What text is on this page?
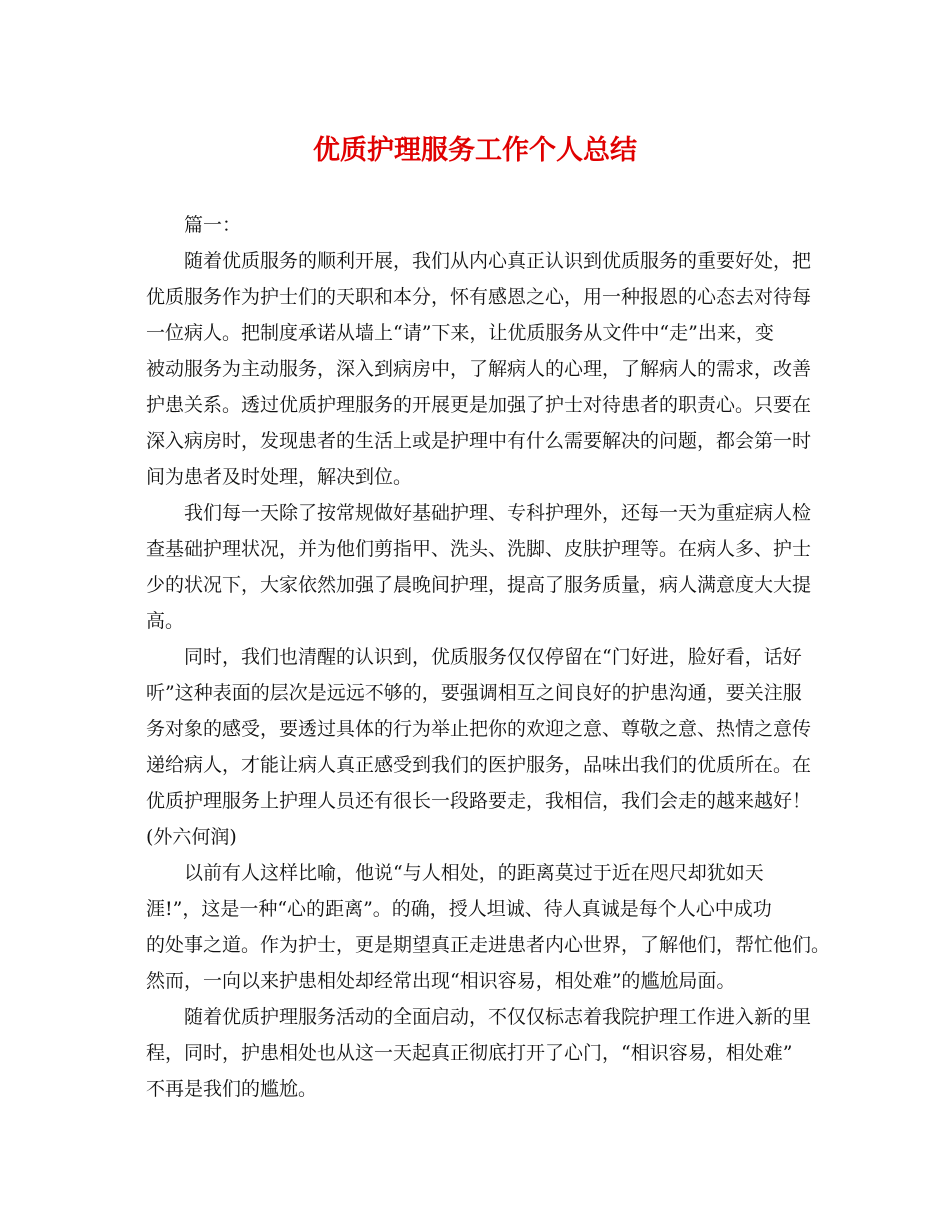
优质护理服务工作个人总结
篇一：
随着优质服务的顺利开展，我们从内心真正认识到优质服务的重要好处，把
优质服务作为护士们的天职和本分，怀有感恩之心，用一种报恩的心态去对待每
一位病人。把制度承诺从墙上“请”下来，让优质服务从文件中“走”出来，变
被动服务为主动服务，深入到病房中，了解病人的心理，了解病人的需求，改善
护患关系。透过优质护理服务的开展更是加强了护士对待患者的职责心。只要在
深入病房时，发现患者的生活上或是护理中有什么需要解决的问题，都会第一时
间为患者及时处理，解决到位。
我们每一天除了按常规做好基础护理、专科护理外，还每一天为重症病人检
查基础护理状况，并为他们剪指甲、洗头、洗脚、皮肤护理等。在病人多、护士
少的状况下，大家依然加强了晨晚间护理，提高了服务质量，病人满意度大大提
高。
同时，我们也清醒的认识到，优质服务仅仅停留在“门好进，脸好看，话好
听”这种表面的层次是远远不够的，要强调相互之间良好的护患沟通，要关注服
务对象的感受，要透过具体的行为举止把你的欢迎之意、尊敬之意、热情之意传
递给病人，才能让病人真正感受到我们的医护服务，品味出我们的优质所在。在
优质护理服务上护理人员还有很长一段路要走，我相信，我们会走的越来越好！
(外六何润)
以前有人这样比喻，他说“与人相处，的距离莫过于近在咫尺却犹如天
涯!”，这是一种“心的距离”。的确，授人坦诚、待人真诚是每个人心中成功
的处事之道。作为护士，更是期望真正走进患者内心世界，了解他们，帮忙他们。
然而，一向以来护患相处却经常出现“相识容易，相处难”的尴尬局面。
随着优质护理服务活动的全面启动，不仅仅标志着我院护理工作进入新的里
程，同时，护患相处也从这一天起真正彻底打开了心门，“相识容易，相处难”
不再是我们的尴尬。
